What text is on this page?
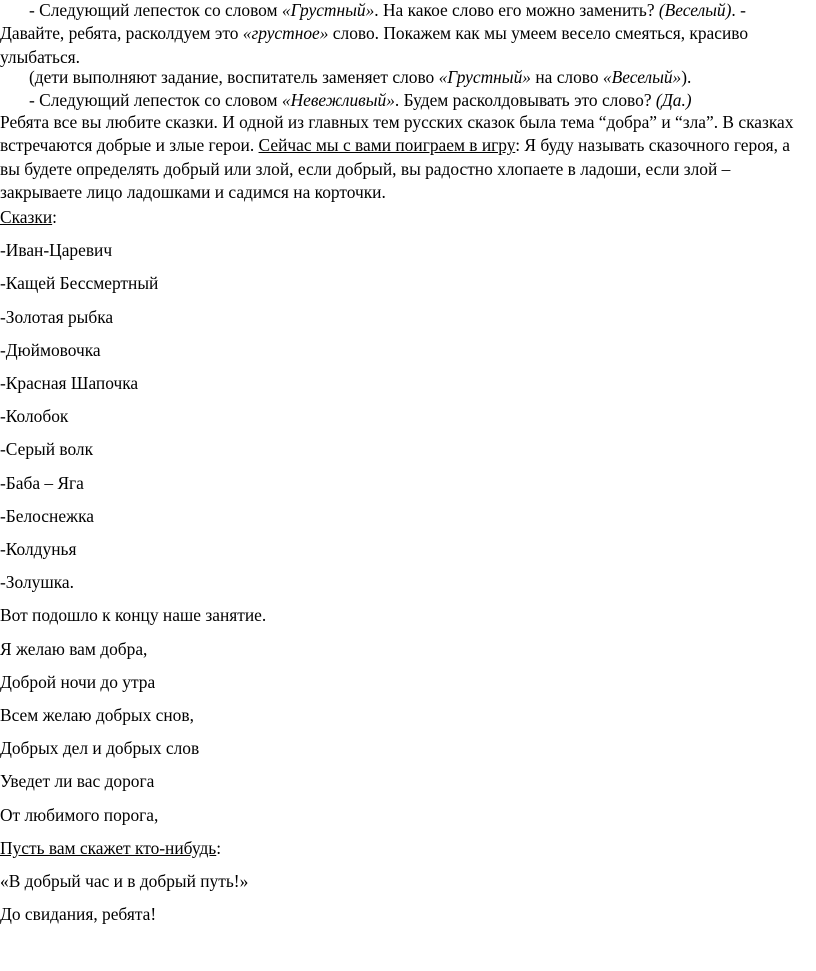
- Следующий лепесток со словом «Грустный». На какое слово его можно заменить? (Веселый). - Давайте, ребята, расколдуем это «грустное» слово. Покажем как мы умеем весело смеяться, красиво улыбаться.

(дети выполняют задание, воспитатель заменяет слово «Грустный» на слово «Веселый»).

- Следующий лепесток со словом «Невежливый». Будем расколдовывать это слово? (Да.)

Ребята все вы любите сказки. И одной из главных тем русских сказок была тема “добра” и “зла”. В сказках встречаются добрые и злые герои. Сейчас мы с вами поиграем в игру: Я буду называть сказочного героя, а вы будете определять добрый или злой, если добрый, вы радостно хлопаете в ладоши, если злой – закрываете лицо ладошками и садимся на корточки.

Сказки:

-Иван-Царевич

-Кащей Бессмертный

-Золотая рыбка

-Дюймовочка

-Красная Шапочка

-Колобок

-Серый волк

-Баба – Яга

-Белоснежка

-Колдунья

-Золушка.

Вот подошло к концу наше занятие.

Я желаю вам добра,

Доброй ночи до утра

Всем желаю добрых снов,

Добрых дел и добрых слов

Уведет ли вас дорога

От любимого порога,

Пусть вам скажет кто-нибудь:

«В добрый час и в добрый путь!»

До свидания, ребята!
